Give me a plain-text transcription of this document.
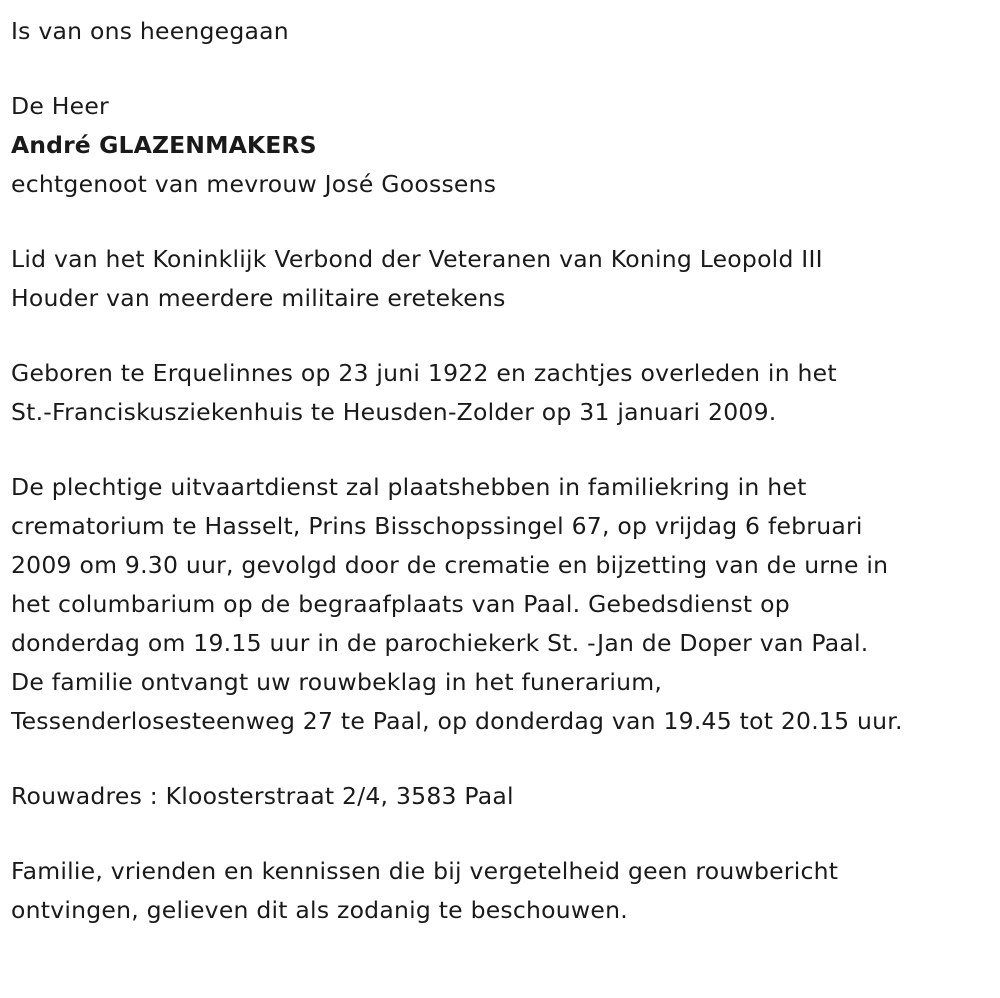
Is van ons heengegaan

De Heer
André GLAZENMAKERS
echtgenoot van mevrouw José Goossens

Lid van het Koninklijk Verbond der Veteranen van Koning Leopold III
Houder van meerdere militaire eretekens

Geboren te Erquelinnes op 23 juni 1922 en zachtjes overleden in het
St.-Franciskusziekenhuis te Heusden-Zolder op 31 januari 2009.

De plechtige uitvaartdienst zal plaatshebben in familiekring in het
crematorium te Hasselt, Prins Bisschopssingel 67, op vrijdag 6 februari
2009 om 9.30 uur, gevolgd door de crematie en bijzetting van de urne in
het columbarium op de begraafplaats van Paal. Gebedsdienst op
donderdag om 19.15 uur in de parochiekerk St. -Jan de Doper van Paal.
De familie ontvangt uw rouwbeklag in het funerarium,
Tessenderlosesteenweg 27 te Paal, op donderdag van 19.45 tot 20.15 uur.

Rouwadres : Kloosterstraat 2/4, 3583 Paal

Familie, vrienden en kennissen die bij vergetelheid geen rouwbericht
ontvingen, gelieven dit als zodanig te beschouwen.
